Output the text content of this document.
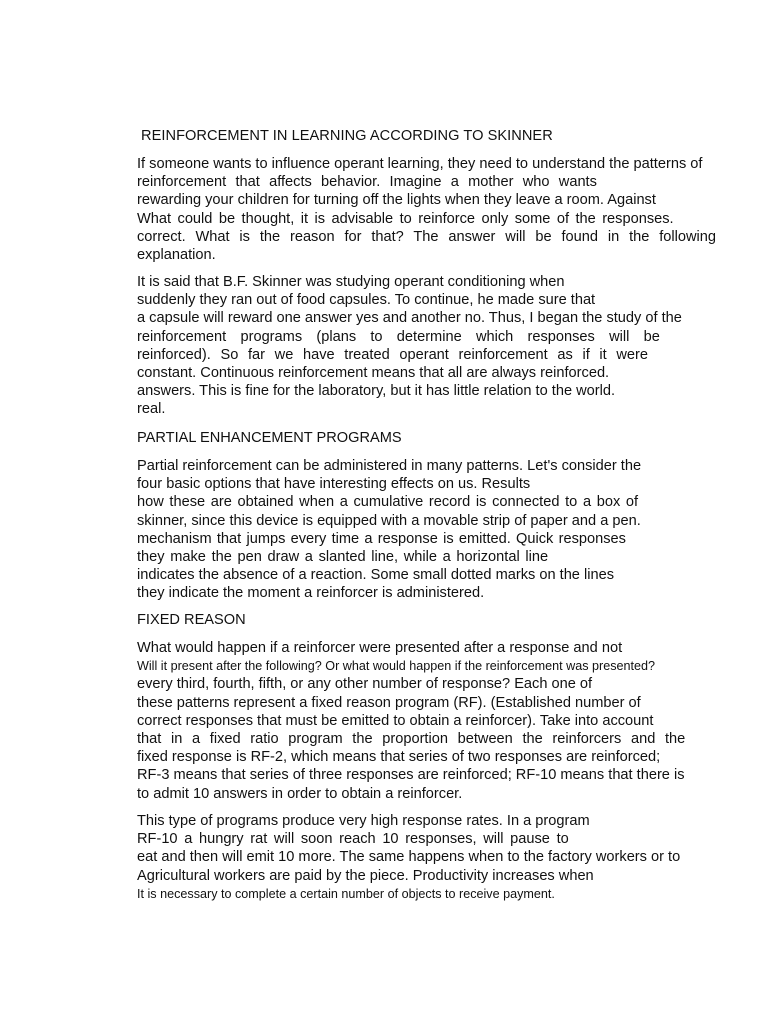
REINFORCEMENT IN LEARNING ACCORDING TO SKINNER
If someone wants to influence operant learning, they need to understand the patterns of
reinforcement that affects behavior. Imagine a mother who wants
rewarding your children for turning off the lights when they leave a room. Against
What could be thought, it is advisable to reinforce only some of the responses.
correct. What is the reason for that? The answer will be found in the following
explanation.
It is said that B.F. Skinner was studying operant conditioning when
suddenly they ran out of food capsules. To continue, he made sure that
a capsule will reward one answer yes and another no. Thus, I began the study of the
reinforcement programs (plans to determine which responses will be
reinforced). So far we have treated operant reinforcement as if it were
constant. Continuous reinforcement means that all are always reinforced.
answers. This is fine for the laboratory, but it has little relation to the world.
real.
PARTIAL ENHANCEMENT PROGRAMS
Partial reinforcement can be administered in many patterns. Let's consider the
four basic options that have interesting effects on us. Results
how these are obtained when a cumulative record is connected to a box of
skinner, since this device is equipped with a movable strip of paper and a pen.
mechanism that jumps every time a response is emitted. Quick responses
they make the pen draw a slanted line, while a horizontal line
indicates the absence of a reaction. Some small dotted marks on the lines
they indicate the moment a reinforcer is administered.
FIXED REASON
What would happen if a reinforcer were presented after a response and not
Will it present after the following? Or what would happen if the reinforcement was presented?
every third, fourth, fifth, or any other number of response? Each one of
these patterns represent a fixed reason program (RF). (Established number of
correct responses that must be emitted to obtain a reinforcer). Take into account
that in a fixed ratio program the proportion between the reinforcers and the
fixed response is RF-2, which means that series of two responses are reinforced;
RF-3 means that series of three responses are reinforced; RF-10 means that there is
to admit 10 answers in order to obtain a reinforcer.
This type of programs produce very high response rates. In a program
RF-10 a hungry rat will soon reach 10 responses, will pause to
eat and then will emit 10 more. The same happens when to the factory workers or to
Agricultural workers are paid by the piece. Productivity increases when
It is necessary to complete a certain number of objects to receive payment.
